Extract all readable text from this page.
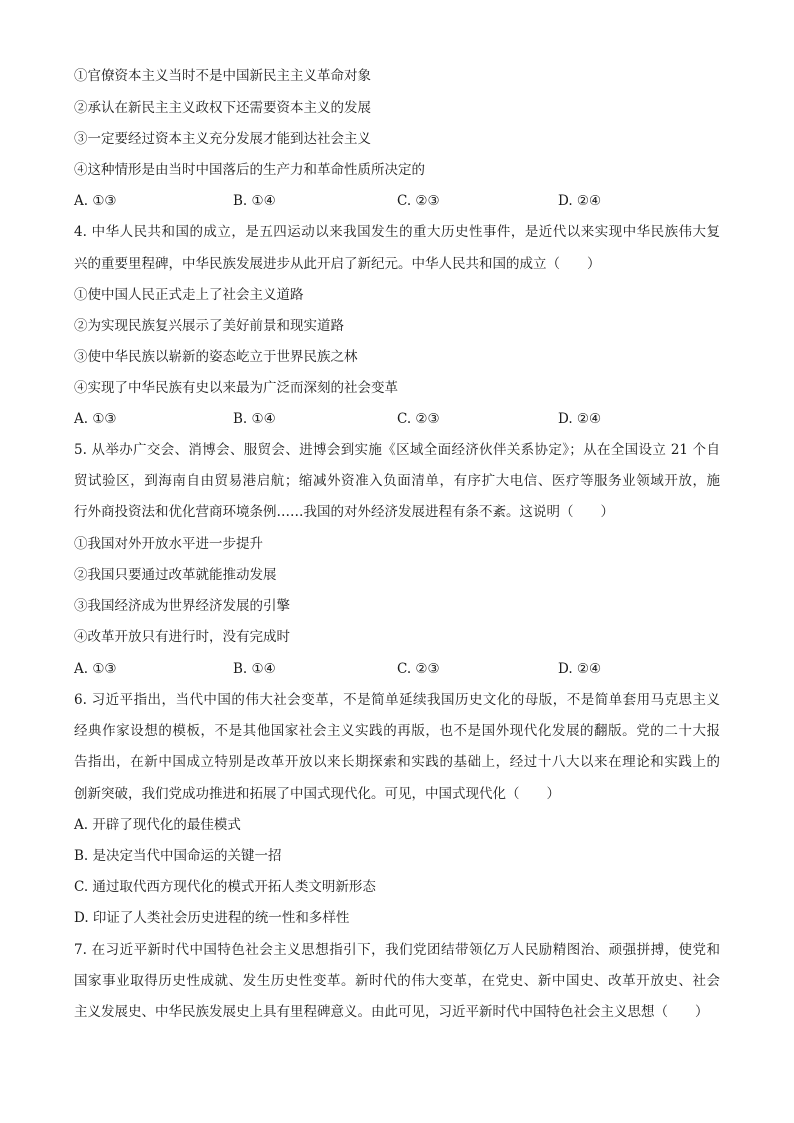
①官僚资本主义当时不是中国新民主主义革命对象
②承认在新民主主义政权下还需要资本主义的发展
③一定要经过资本主义充分发展才能到达社会主义
④这种情形是由当时中国落后的生产力和革命性质所决定的
A. ①③	B. ①④	C. ②③	D. ②④
4. 中华人民共和国的成立，是五四运动以来我国发生的重大历史性事件，是近代以来实现中华民族伟大复
兴的重要里程碑，中华民族发展进步从此开启了新纪元。中华人民共和国的成立（　　）
①使中国人民正式走上了社会主义道路
②为实现民族复兴展示了美好前景和现实道路
③使中华民族以崭新的姿态屹立于世界民族之林
④实现了中华民族有史以来最为广泛而深刻的社会变革
A. ①③	B. ①④	C. ②③	D. ②④
5. 从举办广交会、消博会、服贸会、进博会到实施《区域全面经济伙伴关系协定》；从在全国设立 21 个自
贸试验区，到海南自由贸易港启航；缩减外资准入负面清单，有序扩大电信、医疗等服务业领域开放，施
行外商投资法和优化营商环境条例……我国的对外经济发展进程有条不紊。这说明（　　）
①我国对外开放水平进一步提升
②我国只要通过改革就能推动发展
③我国经济成为世界经济发展的引擎
④改革开放只有进行时，没有完成时
A. ①③	B. ①④	C. ②③	D. ②④
6. 习近平指出，当代中国的伟大社会变革，不是简单延续我国历史文化的母版，不是简单套用马克思主义
经典作家设想的模板，不是其他国家社会主义实践的再版，也不是国外现代化发展的翻版。党的二十大报
告指出，在新中国成立特别是改革开放以来长期探索和实践的基础上，经过十八大以来在理论和实践上的
创新突破，我们党成功推进和拓展了中国式现代化。可见，中国式现代化（　　）
A. 开辟了现代化的最佳模式
B. 是决定当代中国命运的关键一招
C. 通过取代西方现代化的模式开拓人类文明新形态
D. 印证了人类社会历史进程的统一性和多样性
7. 在习近平新时代中国特色社会主义思想指引下，我们党团结带领亿万人民励精图治、顽强拼搏，使党和
国家事业取得历史性成就、发生历史性变革。新时代的伟大变革，在党史、新中国史、改革开放史、社会
主义发展史、中华民族发展史上具有里程碑意义。由此可见，习近平新时代中国特色社会主义思想（　　）
